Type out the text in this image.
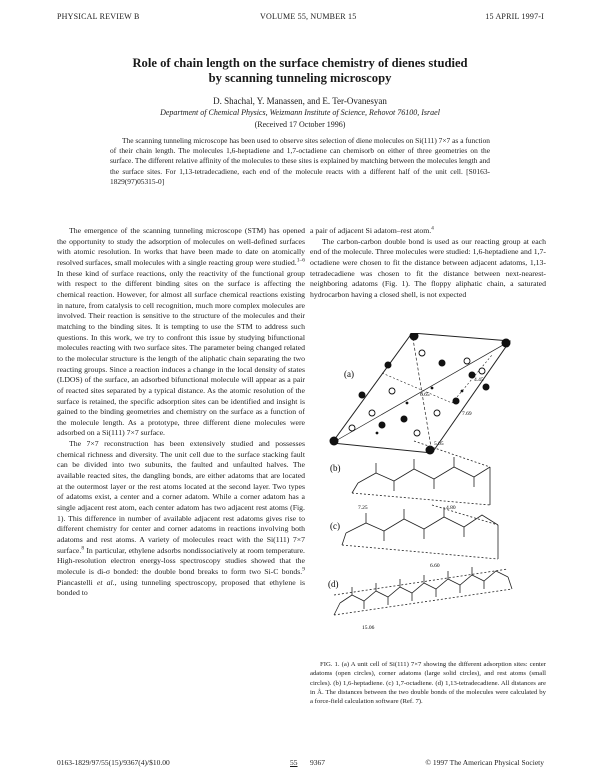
PHYSICAL REVIEW B	VOLUME 55, NUMBER 15	15 APRIL 1997-I
Role of chain length on the surface chemistry of dienes studied
by scanning tunneling microscopy
D. Shachal, Y. Manassen, and E. Ter-Ovanesyan
Department of Chemical Physics, Weizmann Institute of Science, Rehovot 76100, Israel
(Received 17 October 1996)

The scanning tunneling microscope has been used to observe sites selection of diene molecules on Si(111) 7×7 as a function of their chain length. The molecules 1,6-heptadiene and 1,7-octadiene can chemisorb on either of three geometries on the surface. The different relative affinity of the molecules to these sites is explained by matching between the molecules length and the surface sites. For 1,13-tetradecadiene, each end of the molecule reacts with a different half of the unit cell. [S0163-1829(97)05315-0]

The emergence of the scanning tunneling microscope (STM) has opened the opportunity to study the adsorption of molecules on well-defined surfaces with atomic resolution. In works that have been made to date on atomically resolved surfaces, small molecules with a single reacting group were studied.$^{1-6}$ In these kind of surface reactions, only the reactivity of the functional group with respect to the different binding sites on the surface is affecting the chemical reaction. However, for almost all surface chemical reactions existing in nature, from catalysis to cell recognition, much more complex molecules are involved. Their reaction is sensitive to the structure of the molecules and their matching to the binding sites. It is tempting to use the STM to address such questions. In this work, we try to confront this issue by studying bifunctional molecules reacting with two surface sites. The parameter being changed related to the molecular structure is the length of the aliphatic chain separating the two reacting groups. Since a reaction induces a change in the local density of states (LDOS) of the surface, an adsorbed bifunctional molecule will appear as a pair of reacted sites separated by a typical distance. As the atomic resolution of the surface is retained, the specific adsorption sites can be identified and insight is gained to the binding geometries and chemistry on the surface as a function of the molecule length. As a prototype, three different diene molecules were adsorbed on a Si(111) 7×7 surface.

The 7×7 reconstruction has been extensively studied and possesses chemical richness and diversity. The unit cell due to the surface stacking fault can be divided into two subunits, the faulted and unfaulted halves. The available reacted sites, the dangling bonds, are either adatoms that are located at the outermost layer or the rest atoms located at the second layer. Two types of adatoms exist, a center and a corner adatom. While a corner adatom has a single adjacent rest atom, each center adatom has two adjacent rest atoms (Fig. 1). This difference in number of available adjacent rest adatoms gives rise to different chemistry for center and corner adatoms in reactions involving both adatoms and rest atoms. A variety of molecules react with the Si(111) 7×7 surface.$^8$ In particular, ethylene adsorbs nondissociatively at room temperature. High-resolution electron energy-loss spectroscopy studies showed that the molecule is di-σ bonded: the double bond breaks to form two Si-C bonds.$^9$ Piancastelli et al., using tunneling spectroscopy, proposed that ethylene is bonded to

a pair of adjacent Si adatom–rest atom.$^4$

The carbon-carbon double bond is used as our reacting group at each end of the molecule. Three molecules were studied: 1,6-heptadiene and 1,7-octadiene were chosen to fit the distance between adjacent adatoms, 1,13-tetradecadiene was chosen to fit the distance between next-nearest-neighboring adatoms (Fig. 1). The floppy aliphatic chain, a saturated hydrocarbon having a closed shell, is not expected

(a)
4.45
6.65
7.69
(b)
5.05
7.25
(c)
4.80
6.60
(d)
15.06

FIG. 1. (a) A unit cell of Si(111) 7×7 showing the different adsorption sites: center adatoms (open circles), corner adatoms (large solid circles), and rest atoms (small circles). (b) 1,6-heptadiene. (c) 1,7-octadiene. (d) 1,13-tetradecadiene. All distances are in Å. The distances between the two double bonds of the molecules were calculated by a force-field calculation software (Ref. 7).

0163-1829/97/55(15)/9367(4)/$10.00	55 9367	© 1997 The American Physical Society
